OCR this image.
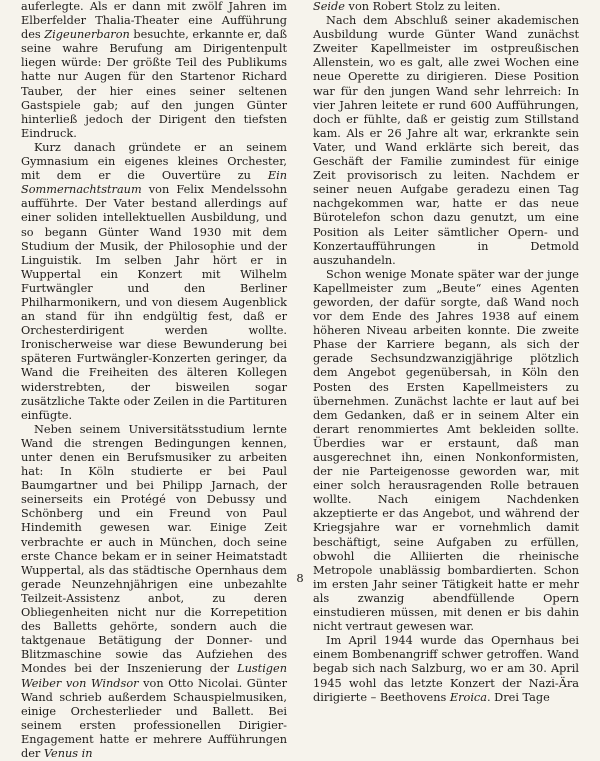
auferlegte. Als er dann mit zwölf Jahren im Elberfelder Thalia-Theater eine Aufführung des Zigeunerbaron besuchte, erkannte er, daß seine wahre Berufung am Dirigentenpult liegen würde: Der größte Teil des Publikums hatte nur Augen für den Startenor Richard Tauber, der hier eines seiner seltenen Gastspiele gab; auf den jungen Günter hinterließ jedoch der Dirigent den tiefsten Eindruck.

Kurz danach gründete er an seinem Gymnasium ein eigenes kleines Orchester, mit dem er die Ouvertüre zu Ein Sommernachtstraum von Felix Mendelssohn aufführte. Der Vater bestand allerdings auf einer soliden intellektuellen Ausbildung, und so begann Günter Wand 1930 mit dem Studium der Musik, der Philosophie und der Linguistik. Im selben Jahr hört er in Wuppertal ein Konzert mit Wilhelm Furtwängler und den Berliner Philharmonikern, und von diesem Augenblick an stand für ihn endgültig fest, daß er Orchesterdirigent werden wollte. Ironischerweise war diese Bewunderung bei späteren Furtwängler-Konzerten geringer, da Wand die Freiheiten des älteren Kollegen widerstrebten, der bisweilen sogar zusätzliche Takte oder Zeilen in die Partituren einfügte.

Neben seinem Universitätsstudium lernte Wand die strengen Bedingungen kennen, unter denen ein Berufsmusiker zu arbeiten hat: In Köln studierte er bei Paul Baumgartner und bei Philipp Jarnach, der seinerseits ein Protégé von Debussy und Schönberg und ein Freund von Paul Hindemith gewesen war. Einige Zeit verbrachte er auch in München, doch seine erste Chance bekam er in seiner Heimatstadt Wuppertal, als das städtische Opernhaus dem gerade Neunzehnjährigen eine unbezahlte Teilzeit-Assistenz anbot, zu deren Obliegenheiten nicht nur die Korrepetition des Balletts gehörte, sondern auch die taktgenaue Betätigung der Donner- und Blitzmaschine sowie das Aufziehen des Mondes bei der Inszenierung der Lustigen Weiber von Windsor von Otto Nicolai. Günter Wand schrieb außerdem Schauspielmusiken, einige Orchesterlieder und Ballett. Bei seinem ersten professionellen Dirigier-Engagement hatte er mehrere Aufführungen der Venus in

Seide von Robert Stolz zu leiten.

Nach dem Abschluß seiner akademischen Ausbildung wurde Günter Wand zunächst Zweiter Kapellmeister im ostpreußischen Allenstein, wo es galt, alle zwei Wochen eine neue Operette zu dirigieren. Diese Position war für den jungen Wand sehr lehrreich: In vier Jahren leitete er rund 600 Aufführungen, doch er fühlte, daß er geistig zum Stillstand kam. Als er 26 Jahre alt war, erkrankte sein Vater, und Wand erklärte sich bereit, das Geschäft der Familie zumindest für einige Zeit provisorisch zu leiten. Nachdem er seiner neuen Aufgabe geradezu einen Tag nachgekommen war, hatte er das neue Bürotelefon schon dazu genutzt, um eine Position als Leiter sämtlicher Opern- und Konzertaufführungen in Detmold auszuhandeln.

Schon wenige Monate später war der junge Kapellmeister zum „Beute“ eines Agenten geworden, der dafür sorgte, daß Wand noch vor dem Ende des Jahres 1938 auf einem höheren Niveau arbeiten konnte. Die zweite Phase der Karriere begann, als sich der gerade Sechsundzwanzigjährige plötzlich dem Angebot gegenübersah, in Köln den Posten des Ersten Kapellmeisters zu übernehmen. Zunächst lachte er laut auf bei dem Gedanken, daß er in seinem Alter ein derart renommiertes Amt bekleiden sollte. Überdies war er erstaunt, daß man ausgerechnet ihn, einen Nonkonformisten, der nie Parteigenosse geworden war, mit einer solch herausragenden Rolle betrauen wollte. Nach einigem Nachdenken akzeptierte er das Angebot, und während der Kriegsjahre war er vornehmlich damit beschäftigt, seine Aufgaben zu erfüllen, obwohl die Alliierten die rheinische Metropole unablässig bombardierten. Schon im ersten Jahr seiner Tätigkeit hatte er mehr als zwanzig abendfüllende Opern einstudieren müssen, mit denen er bis dahin nicht vertraut gewesen war.

Im April 1944 wurde das Opernhaus bei einem Bombenangriff schwer getroffen. Wand begab sich nach Salzburg, wo er am 30. April 1945 wohl das letzte Konzert der Nazi-Ära dirigierte – Beethovens Eroica. Drei Tage

8
